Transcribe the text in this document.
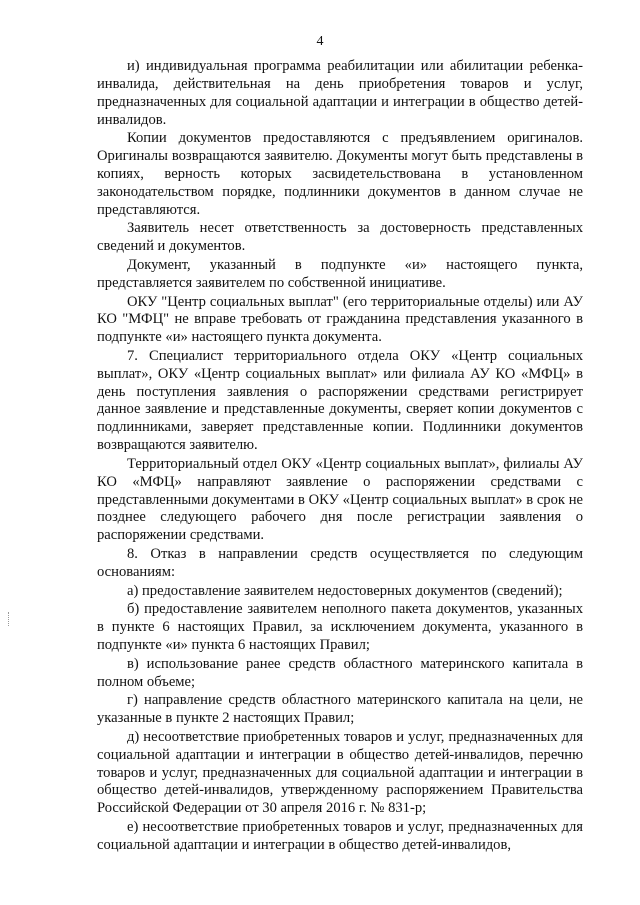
4

и) индивидуальная программа реабилитации или абилитации ребенка-инвалида, действительная на день приобретения товаров и услуг, предназначенных для социальной адаптации и интеграции в общество детей-инвалидов.

Копии документов предоставляются с предъявлением оригиналов. Оригиналы возвращаются заявителю. Документы могут быть представлены в копиях, верность которых засвидетельствована в установленном законодательством порядке, подлинники документов в данном случае не представляются.

Заявитель несет ответственность за достоверность представленных сведений и документов.

Документ, указанный в подпункте «и» настоящего пункта, представляется заявителем по собственной инициативе.

ОКУ "Центр социальных выплат" (его территориальные отделы) или АУ КО "МФЦ" не вправе требовать от гражданина представления указанного в подпункте «и» настоящего пункта документа.

7. Специалист территориального отдела ОКУ «Центр социальных выплат», ОКУ «Центр социальных выплат» или филиала АУ КО «МФЦ» в день поступления заявления о распоряжении средствами регистрирует данное заявление и представленные документы, сверяет копии документов с подлинниками, заверяет представленные копии. Подлинники документов возвращаются заявителю.

Территориальный отдел ОКУ «Центр социальных выплат», филиалы АУ КО «МФЦ» направляют заявление о распоряжении средствами с представленными документами в ОКУ «Центр социальных выплат» в срок не позднее следующего рабочего дня после регистрации заявления о распоряжении средствами.

8. Отказ в направлении средств осуществляется по следующим основаниям:

а) предоставление заявителем недостоверных документов (сведений);

б) предоставление заявителем неполного пакета документов, указанных в пункте 6 настоящих Правил, за исключением документа, указанного в подпункте «и» пункта 6 настоящих Правил;

в) использование ранее средств областного материнского капитала в полном объеме;

г) направление средств областного материнского капитала на цели, не указанные в пункте 2 настоящих Правил;

д) несоответствие приобретенных товаров и услуг, предназначенных для социальной адаптации и интеграции в общество детей-инвалидов, перечню товаров и услуг, предназначенных для социальной адаптации и интеграции в общество детей-инвалидов, утвержденному распоряжением Правительства Российской Федерации от 30 апреля 2016 г. № 831-р;

е) несоответствие приобретенных товаров и услуг, предназначенных для социальной адаптации и интеграции в общество детей-инвалидов,
